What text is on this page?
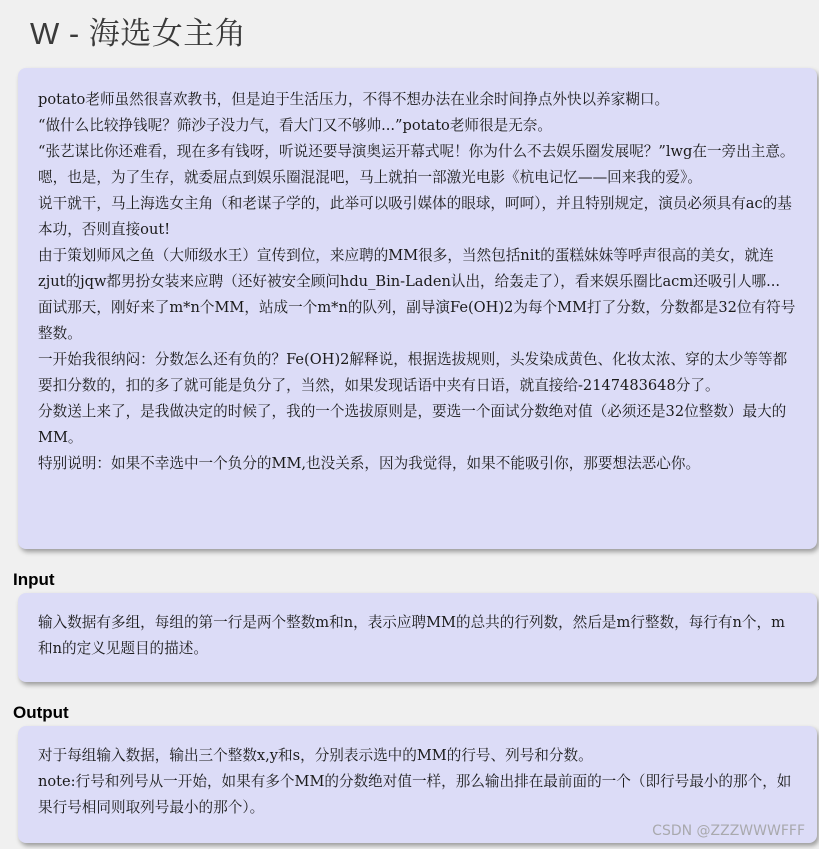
W - 海选女主角

potato老师虽然很喜欢教书，但是迫于生活压力，不得不想办法在业余时间挣点外快以养家糊口。

“做什么比较挣钱呢？筛沙子没力气，看大门又不够帅...”potato老师很是无奈。

“张艺谋比你还难看，现在多有钱呀，听说还要导演奥运开幕式呢！你为什么不去娱乐圈发展呢？”lwg在一旁出主意。

嗯，也是，为了生存，就委屈点到娱乐圈混混吧，马上就拍一部激光电影《杭电记忆——回来我的爱》。

说干就干，马上海选女主角（和老谋子学的，此举可以吸引媒体的眼球，呵呵），并且特别规定，演员必须具有ac的基本功，否则直接out!

由于策划师风之鱼（大师级水王）宣传到位，来应聘的MM很多，当然包括nit的蛋糕妹妹等呼声很高的美女，就连zjut的jqw都男扮女装来应聘（还好被安全顾问hdu_Bin-Laden认出，给轰走了），看来娱乐圈比acm还吸引人哪...

面试那天，刚好来了m*n个MM，站成一个m*n的队列，副导演Fe(OH)2为每个MM打了分数，分数都是32位有符号整数。

一开始我很纳闷：分数怎么还有负的？Fe(OH)2解释说，根据选拔规则，头发染成黄色、化妆太浓、穿的太少等等都要扣分数的，扣的多了就可能是负分了，当然，如果发现话语中夹有日语，就直接给-2147483648分了。

分数送上来了，是我做决定的时候了，我的一个选拔原则是，要选一个面试分数绝对值（必须还是32位整数）最大的MM。

特别说明：如果不幸选中一个负分的MM,也没关系，因为我觉得，如果不能吸引你，那要想法恶心你。

Input

输入数据有多组，每组的第一行是两个整数m和n，表示应聘MM的总共的行列数，然后是m行整数，每行有n个，m和n的定义见题目的描述。

Output

对于每组输入数据，输出三个整数x,y和s，分别表示选中的MM的行号、列号和分数。

note:行号和列号从一开始，如果有多个MM的分数绝对值一样，那么输出排在最前面的一个（即行号最小的那个，如果行号相同则取列号最小的那个）。

CSDN @ZZZWWWFFF
